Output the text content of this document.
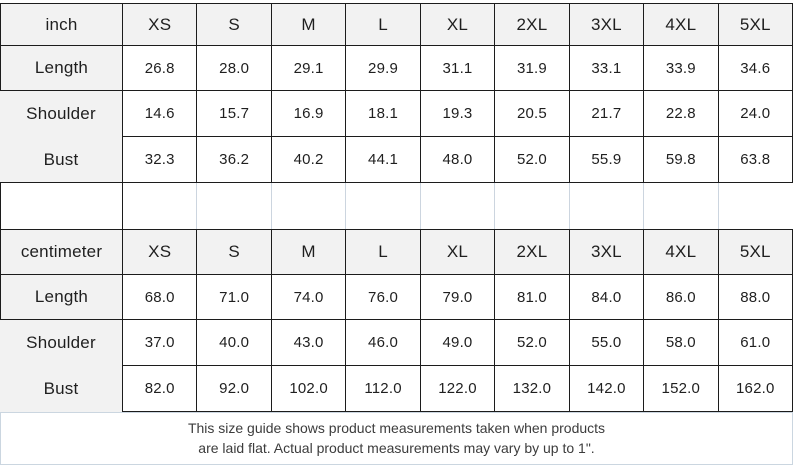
inch	XS	S	M	L	XL	2XL	3XL	4XL	5XL
Length	26.8	28.0	29.1	29.9	31.1	31.9	33.1	33.9	34.6
Shoulder	14.6	15.7	16.9	18.1	19.3	20.5	21.7	22.8	24.0
Bust	32.3	36.2	40.2	44.1	48.0	52.0	55.9	59.8	63.8
centimeter	XS	S	M	L	XL	2XL	3XL	4XL	5XL
Length	68.0	71.0	74.0	76.0	79.0	81.0	84.0	86.0	88.0
Shoulder	37.0	40.0	43.0	46.0	49.0	52.0	55.0	58.0	61.0
Bust	82.0	92.0	102.0	112.0	122.0	132.0	142.0	152.0	162.0
This size guide shows product measurements taken when products
are laid flat. Actual product measurements may vary by up to 1".
